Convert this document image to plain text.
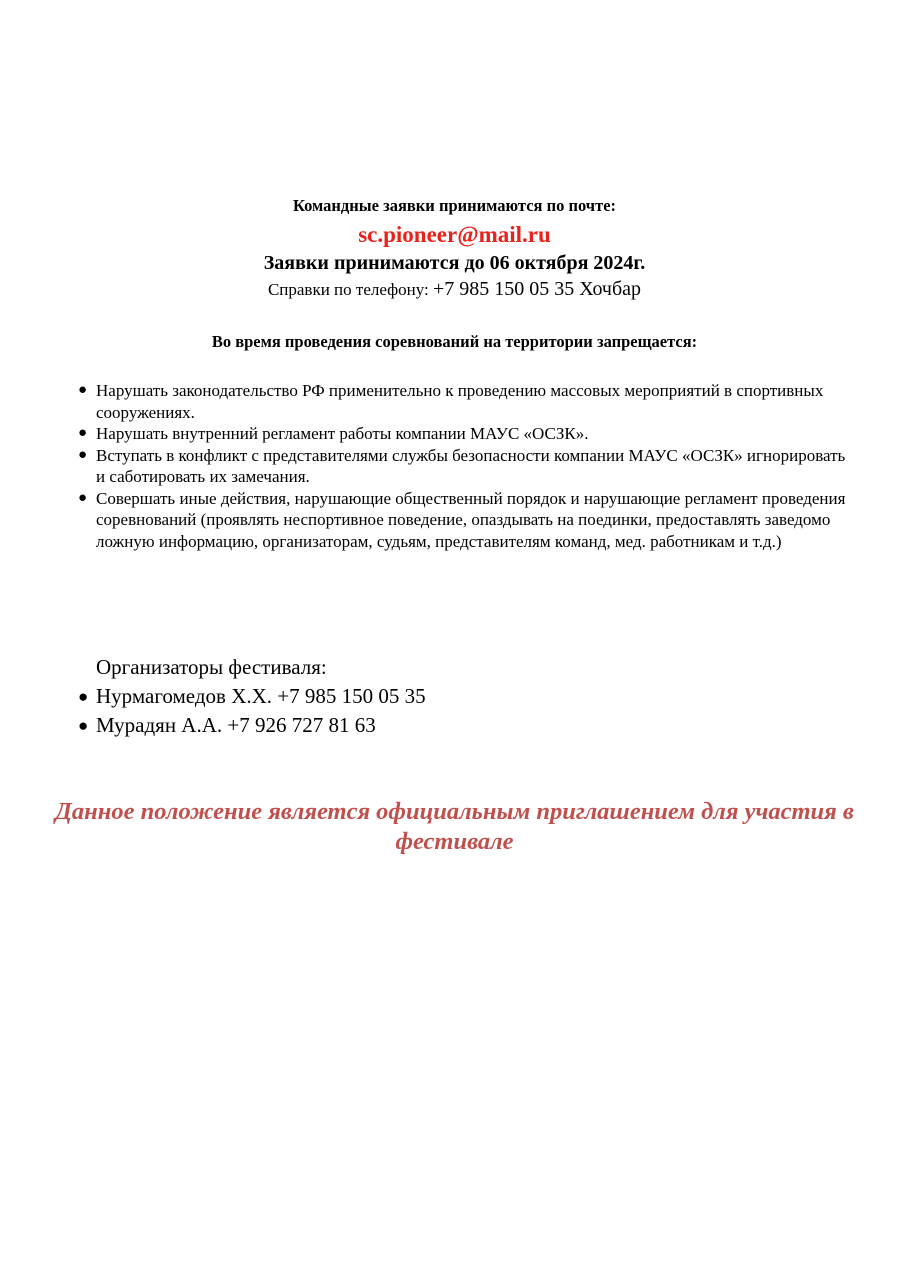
Командные заявки принимаются по почте:
sc.pioneer@mail.ru
Заявки принимаются до 06 октября 2024г.
Справки по телефону: +7 985 150 05 35 Хочбар
Во время проведения соревнований на территории запрещается:
● Нарушать законодательство РФ применительно к проведению массовых мероприятий в спортивных сооружениях.
● Нарушать внутренний регламент работы компании МАУС «ОСЗК».
● Вступать в конфликт с представителями службы безопасности компании МАУС «ОСЗК» игнорировать и саботировать их замечания.
● Совершать иные действия, нарушающие общественный порядок и нарушающие регламент проведения соревнований (проявлять неспортивное поведение, опаздывать на поединки, предоставлять заведомо ложную информацию, организаторам, судьям, представителям команд, мед. работникам и т.д.)
Организаторы фестиваля:
● Нурмагомедов Х.Х. +7 985 150 05 35
● Мурадян А.А. +7 926 727 81 63
Данное положение является официальным приглашением для участия в фестивале
